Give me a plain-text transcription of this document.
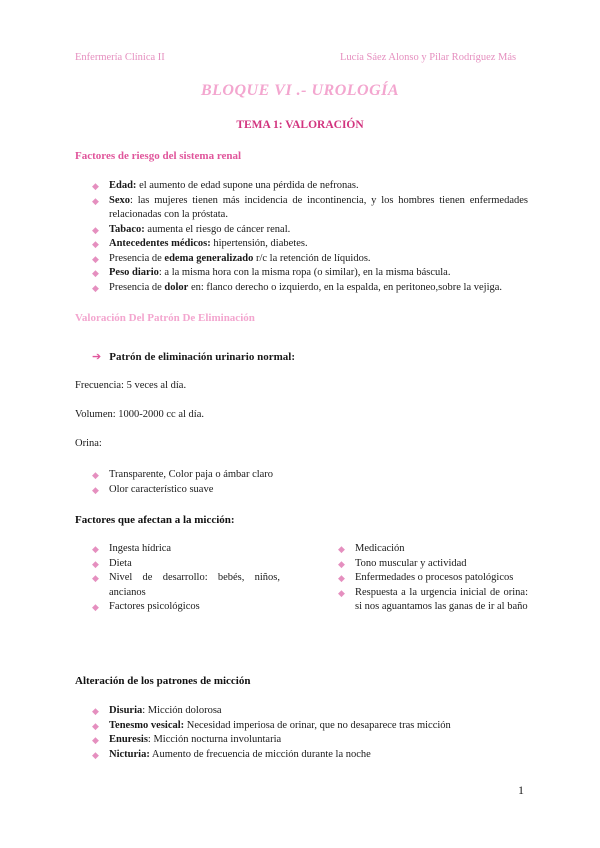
Enfermería Clínica II	Lucía Sáez Alonso y Pilar Rodríguez Más
BLOQUE VI .- UROLOGÍA
TEMA 1: VALORACIÓN
Factores de riesgo del sistema renal
◆ Edad: el aumento de edad supone una pérdida de nefronas.
◆ Sexo: las mujeres tienen más incidencia de incontinencia, y los hombres tienen enfermedades relacionadas con la próstata.
◆ Tabaco: aumenta el riesgo de cáncer renal.
◆ Antecedentes médicos: hipertensión, diabetes.
◆ Presencia de edema generalizado r/c la retención de líquidos.
◆ Peso diario: a la misma hora con la misma ropa (o similar), en la misma báscula.
◆ Presencia de dolor en: flanco derecho o izquierdo, en la espalda, en peritoneo,sobre la vejiga.
Valoración Del Patrón De Eliminación
➔ Patrón de eliminación urinario normal:
Frecuencia: 5 veces al día.
Volumen: 1000-2000 cc al día.
Orina:
◆ Transparente, Color paja o ámbar claro
◆ Olor característico suave
Factores que afectan a la micción:
◆ Ingesta hídrica
◆ Dieta
◆ Nivel de desarrollo: bebés, niños, ancianos
◆ Factores psicológicos
◆ Medicación
◆ Tono muscular y actividad
◆ Enfermedades o procesos patológicos
◆ Respuesta a la urgencia inicial de orina: si nos aguantamos las ganas de ir al baño
Alteración de los patrones de micción
◆ Disuria: Micción dolorosa
◆ Tenesmo vesical: Necesidad imperiosa de orinar, que no desaparece tras micción
◆ Enuresis: Micción nocturna involuntaria
◆ Nicturia: Aumento de frecuencia de micción durante la noche
1
